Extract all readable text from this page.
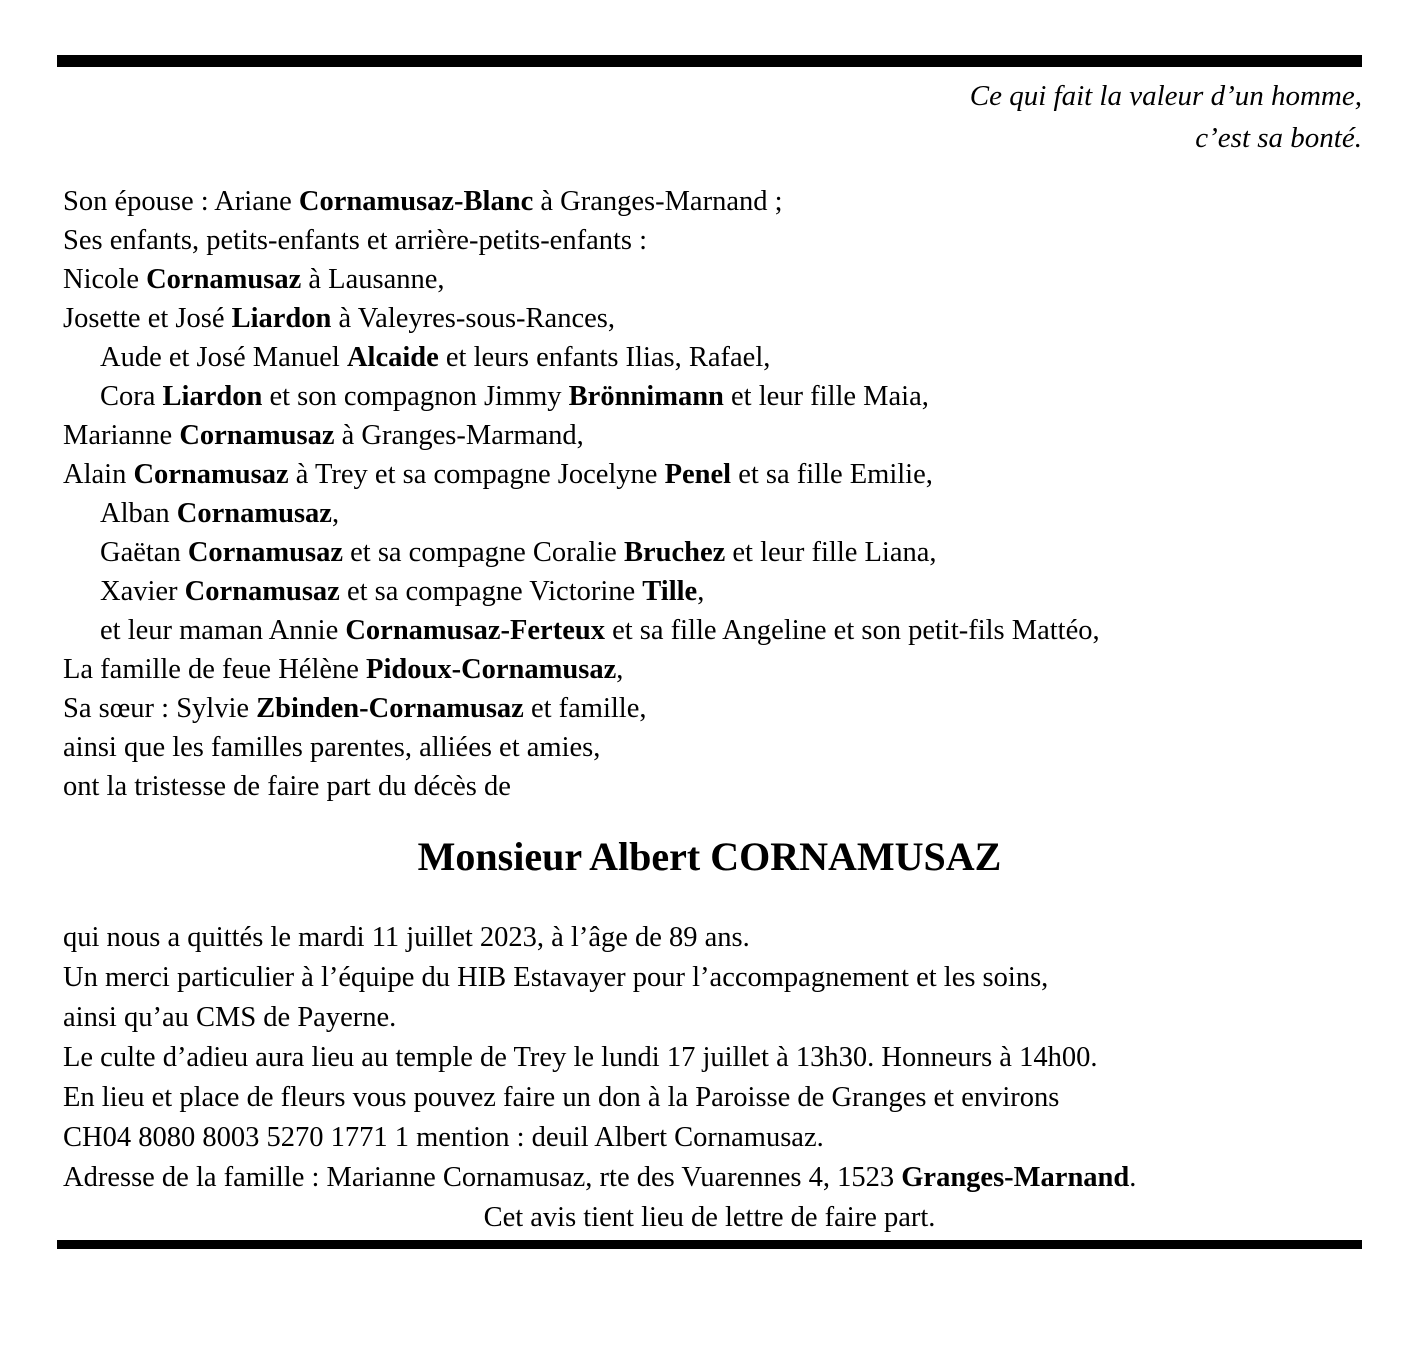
Ce qui fait la valeur d’un homme,
c’est sa bonté.
Son épouse : Ariane Cornamusaz-Blanc à Granges-Marnand ;
Ses enfants, petits-enfants et arrière-petits-enfants :
Nicole Cornamusaz à Lausanne,
Josette et José Liardon à Valeyres-sous-Rances,
Aude et José Manuel Alcaide et leurs enfants Ilias, Rafael,
Cora Liardon et son compagnon Jimmy Brönnimann et leur fille Maia,
Marianne Cornamusaz à Granges-Marmand,
Alain Cornamusaz à Trey et sa compagne Jocelyne Penel et sa fille Emilie,
Alban Cornamusaz,
Gaëtan Cornamusaz et sa compagne Coralie Bruchez et leur fille Liana,
Xavier Cornamusaz et sa compagne Victorine Tille,
et leur maman Annie Cornamusaz-Ferteux et sa fille Angeline et son petit-fils Mattéo,
La famille de feue Hélène Pidoux-Cornamusaz,
Sa sœur : Sylvie Zbinden-Cornamusaz et famille,
ainsi que les familles parentes, alliées et amies,
ont la tristesse de faire part du décès de
Monsieur Albert CORNAMUSAZ
qui nous a quittés le mardi 11 juillet 2023, à l’âge de 89 ans.
Un merci particulier à l’équipe du HIB Estavayer pour l’accompagnement et les soins,
ainsi qu’au CMS de Payerne.
Le culte d’adieu aura lieu au temple de Trey le lundi 17 juillet à 13h30. Honneurs à 14h00.
En lieu et place de fleurs vous pouvez faire un don à la Paroisse de Granges et environs
CH04 8080 8003 5270 1771 1 mention : deuil Albert Cornamusaz.
Adresse de la famille : Marianne Cornamusaz, rte des Vuarennes 4, 1523 Granges-Marnand.
Cet avis tient lieu de lettre de faire part.
